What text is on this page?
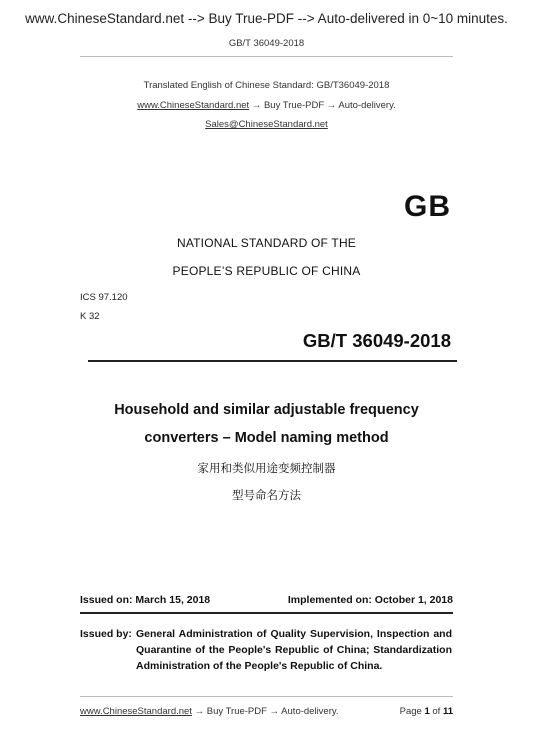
www.ChineseStandard.net --> Buy True-PDF --> Auto-delivered in 0~10 minutes.
GB/T 36049-2018
Translated English of Chinese Standard: GB/T36049-2018
www.ChineseStandard.net → Buy True-PDF → Auto-delivery.
Sales@ChineseStandard.net
GB
NATIONAL STANDARD OF THE
PEOPLE’S REPUBLIC OF CHINA
ICS 97.120
K 32
GB/T 36049-2018
Household and similar adjustable frequency
converters – Model naming method
家用和类似用途变频控制器
型号命名方法
Issued on: March 15, 2018	Implemented on: October 1, 2018
Issued by: General Administration of Quality Supervision, Inspection and Quarantine of the People's Republic of China; Standardization Administration of the People's Republic of China.
www.ChineseStandard.net → Buy True-PDF → Auto-delivery.	Page 1 of 11
